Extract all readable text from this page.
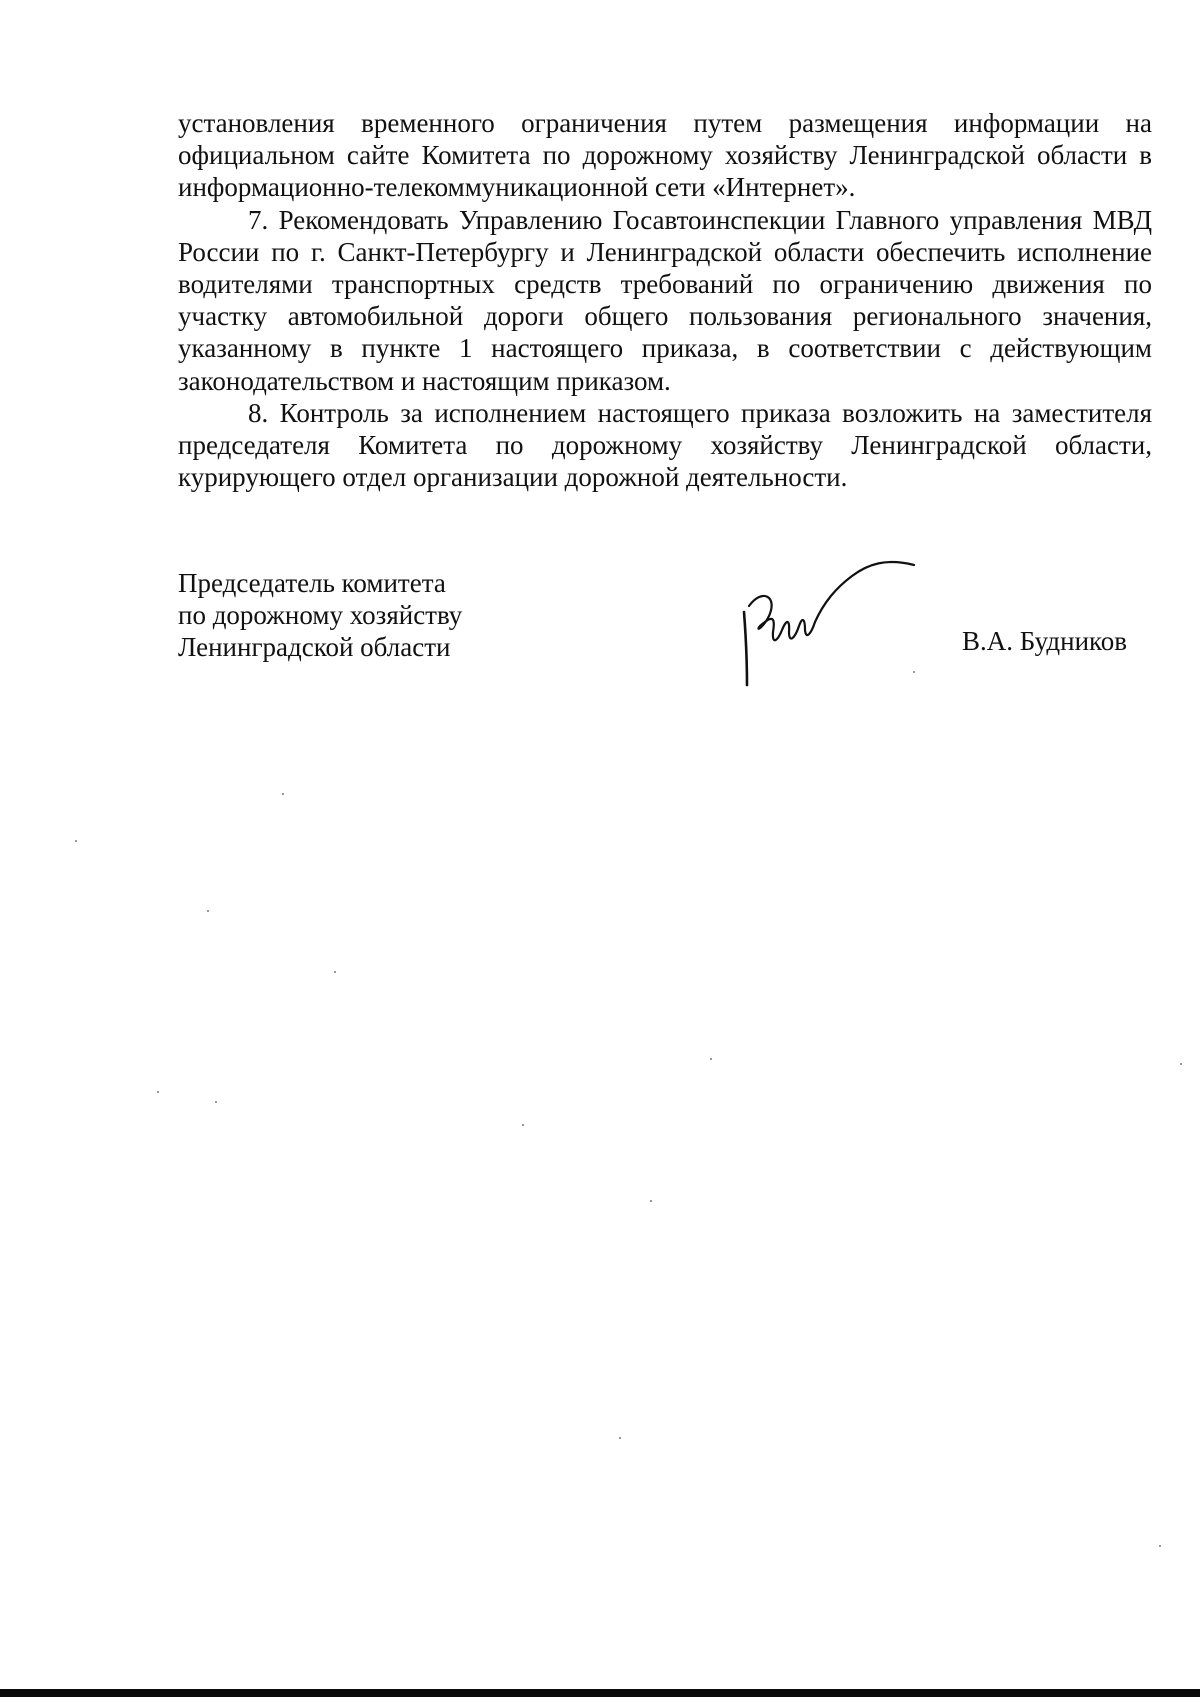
установления временного ограничения путем размещения информации на официальном сайте Комитета по дорожному хозяйству Ленинградской области в информационно-телекоммуникационной сети «Интернет».

7. Рекомендовать Управлению Госавтоинспекции Главного управления МВД России по г. Санкт-Петербургу и Ленинградской области обеспечить исполнение водителями транспортных средств требований по ограничению движения по участку автомобильной дороги общего пользования регионального значения, указанному в пункте 1 настоящего приказа, в соответствии с действующим законодательством и настоящим приказом.

8. Контроль за исполнением настоящего приказа возложить на заместителя председателя Комитета по дорожному хозяйству Ленинградской области, курирующего отдел организации дорожной деятельности.

Председатель комитета
по дорожному хозяйству
Ленинградской области	В.А. Будников
